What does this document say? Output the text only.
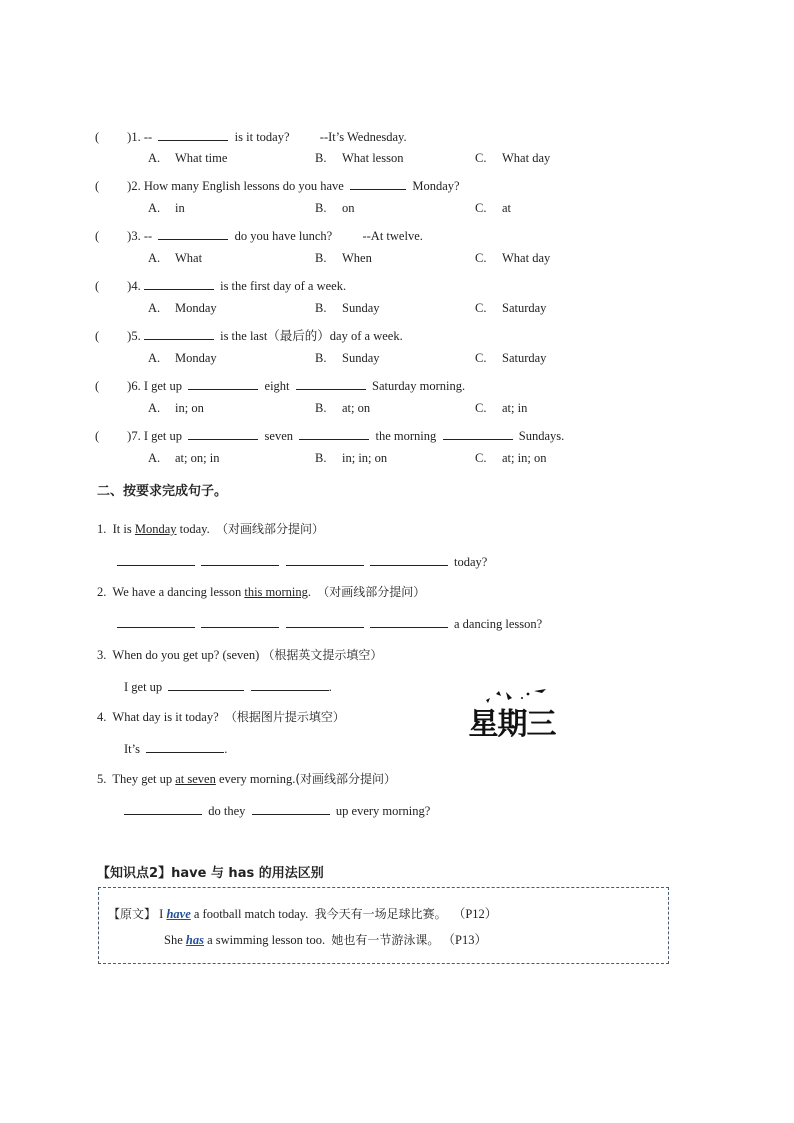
( )1. --	is it today? --It’s Wednesday.
A. What time	B. What lesson	C. What day
( )2. How many English lessons do you have	Monday?
A. in	B. on	C. at
( )3. --	do you have lunch? --At twelve.
A. What	B. When	C. What day
( )4.	is the first day of a week.
A. Monday	B. Sunday	C. Saturday
( )5.	is the last（最后的）day of a week.
A. Monday	B. Sunday	C. Saturday
( )6. I get up	eight	Saturday morning.
A. in; on	B. at; on	C. at; in
( )7. I get up	seven	the morning	Sundays.
A. at; on; in	B. in; in; on	C. at; in; on
二、按要求完成句子。
1. It is Monday today. （对画线部分提问）
today?
2. We have a dancing lesson this morning. （对画线部分提问）
a dancing lesson?
3. When do you get up? (seven) （根据英文提示填空）
I get up	.
4. What day is it today? （根据图片提示填空）
It’s	.
星期三
5. They get up at seven every morning.(对画线部分提问）
do they	up every morning?
【知识点2】have 与 has 的用法区别
【原文】 I have a football match today. 我今天有一场足球比赛。 （P12）
She has a swimming lesson too. 她也有一节游泳课。 （P13）
